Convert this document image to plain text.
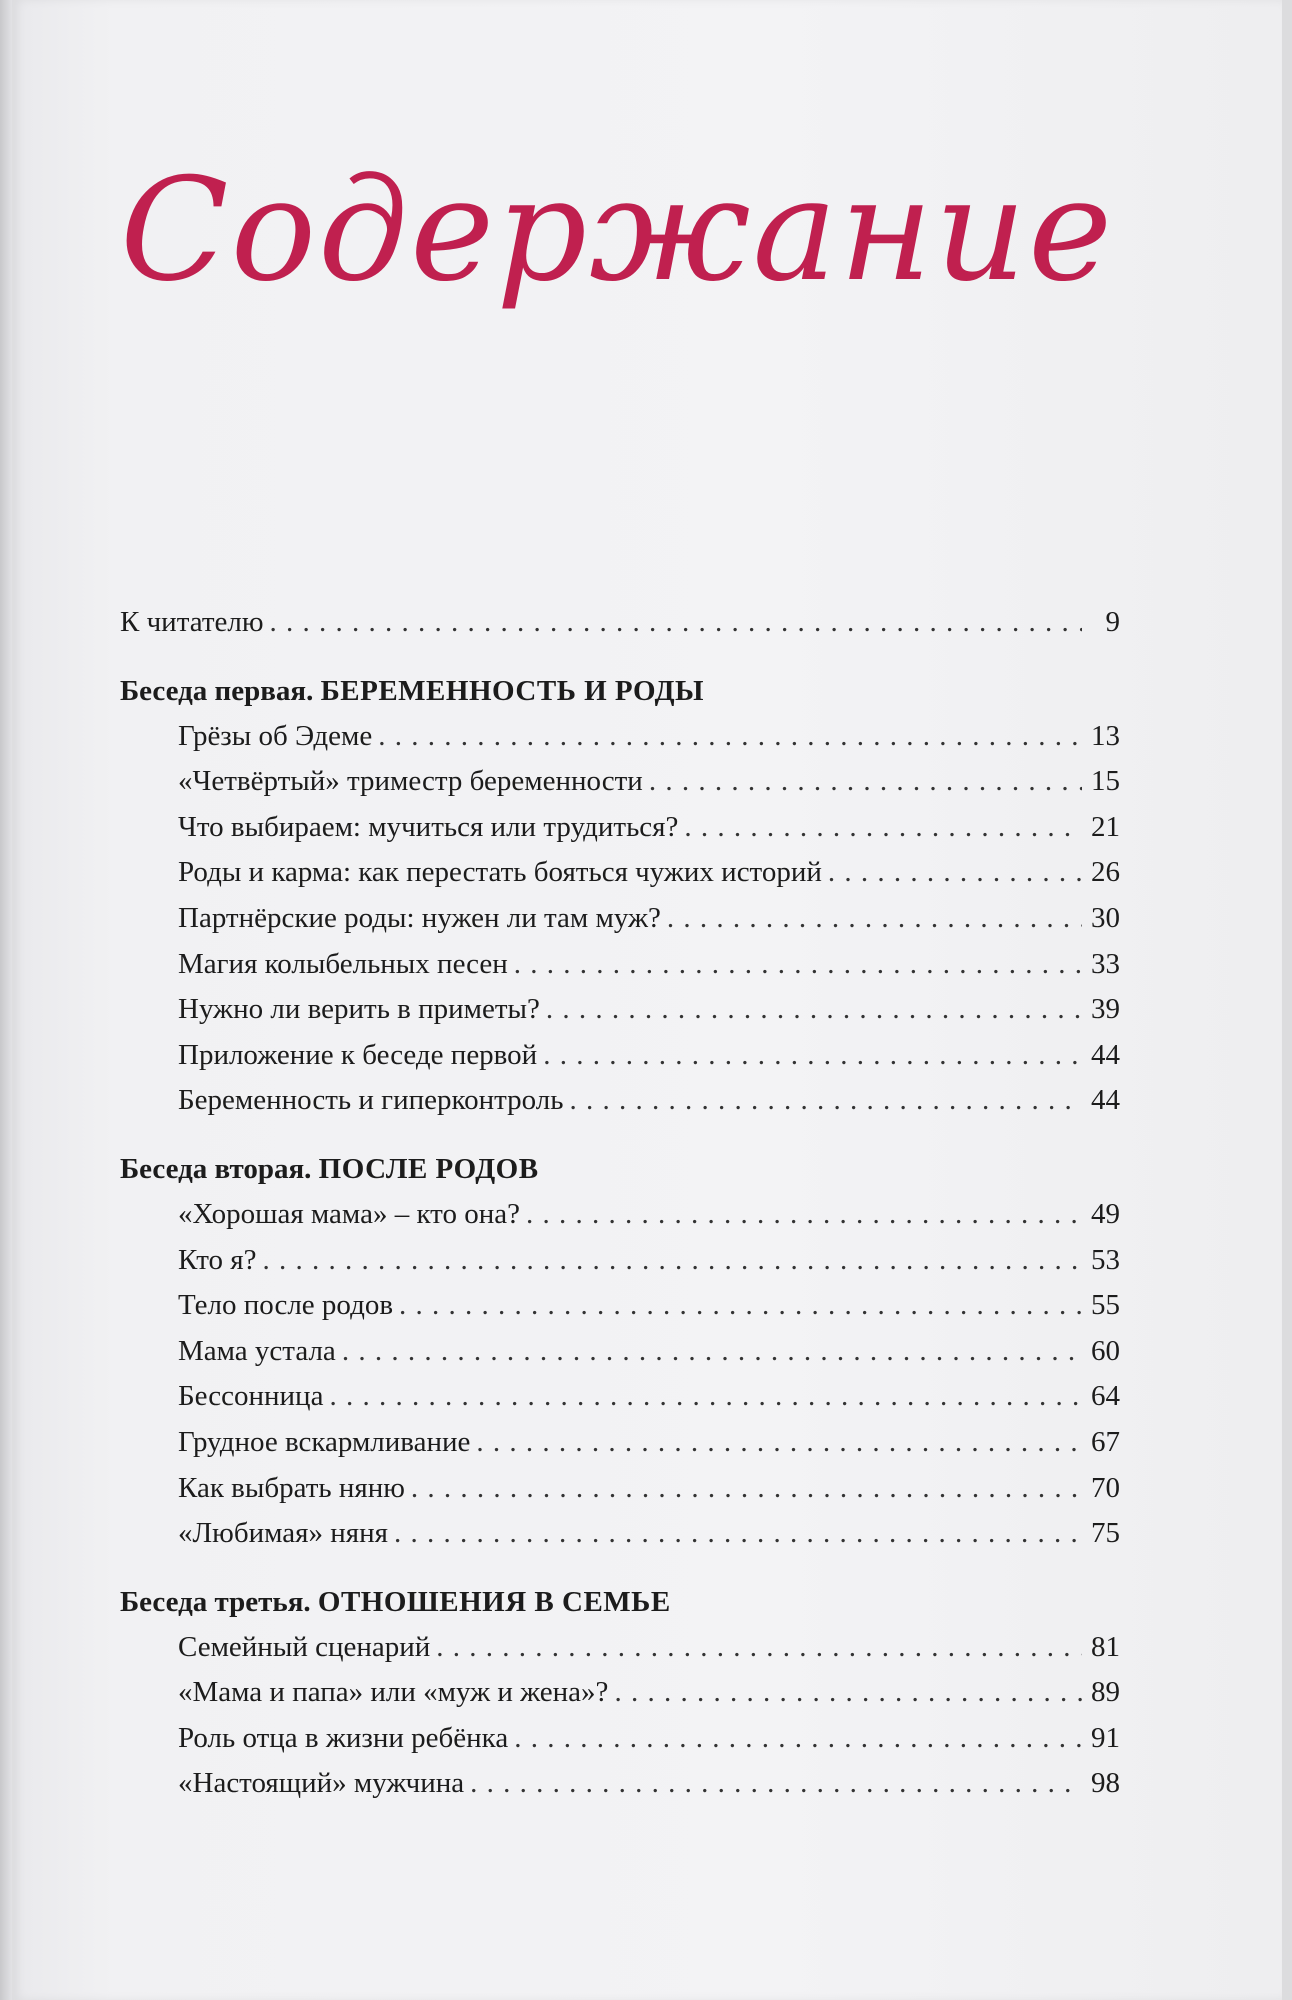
Содержание
К читателю . . .	9
Беседа первая. БЕРЕМЕННОСТЬ И РОДЫ
Грёзы об Эдеме . . .	13
«Четвёртый» триместр беременности . . .	15
Что выбираем: мучиться или трудиться? . . .	21
Роды и карма: как перестать бояться чужих историй . . .	26
Партнёрские роды: нужен ли там муж? . . .	30
Магия колыбельных песен . . .	33
Нужно ли верить в приметы? . . .	39
Приложение к беседе первой . . .	44
Беременность и гиперконтроль . . .	44
Беседа вторая. ПОСЛЕ РОДОВ
«Хорошая мама» – кто она? . . .	49
Кто я? . . .	53
Тело после родов . . .	55
Мама устала . . .	60
Бессонница . . .	64
Грудное вскармливание . . .	67
Как выбрать няню . . .	70
«Любимая» няня . . .	75
Беседа третья. ОТНОШЕНИЯ В СЕМЬЕ
Семейный сценарий . . .	81
«Мама и папа» или «муж и жена»? . . .	89
Роль отца в жизни ребёнка . . .	91
«Настоящий» мужчина . . .	98
